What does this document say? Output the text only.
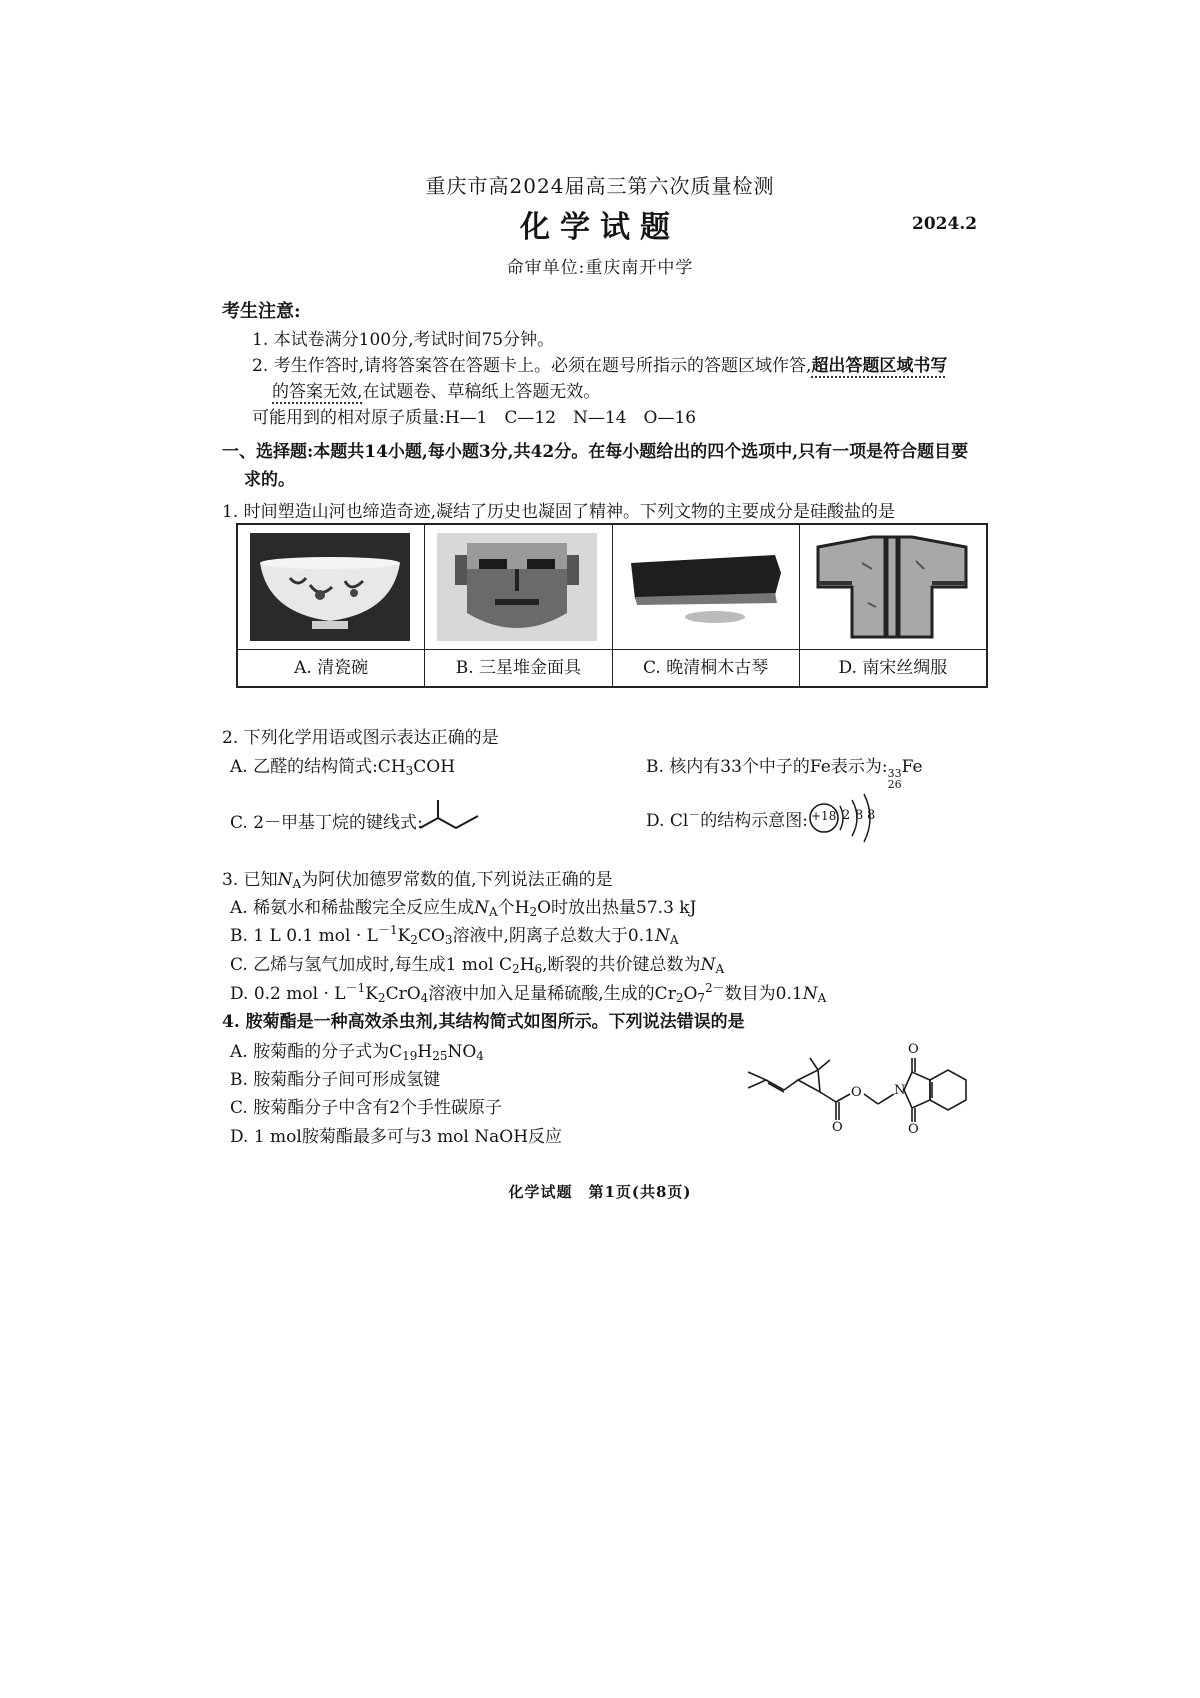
重庆市高2024届高三第六次质量检测
化学试题	2024.2
命审单位:重庆南开中学
考生注意:
1. 本试卷满分100分,考试时间75分钟。
2. 考生作答时,请将答案答在答题卡上。必须在题号所指示的答题区域作答,超出答题区域书写
的答案无效,在试题卷、草稿纸上答题无效。
可能用到的相对原子质量:H—1　C—12　N—14　O—16
一、选择题:本题共14小题,每小题3分,共42分。在每小题给出的四个选项中,只有一项是符合题目要
求的。
1. 时间塑造山河也缔造奇迹,凝结了历史也凝固了精神。下列文物的主要成分是硅酸盐的是
A. 清瓷碗	B. 三星堆金面具	C. 晚清桐木古琴	D. 南宋丝绸服
2. 下列化学用语或图示表达正确的是
A. 乙醛的结构简式$:CH_3COH$	B. 核内有33个中子的Fe表示为: 33
26
Fe
C. 2－甲基丁烷的键线式:	D. Cl－的结构示意图: +18 2 8 8
3. 已知$N_A$为阿伏加德罗常数的值,下列说法正确的是
A. 稀氨水和稀盐酸完全反应生成$N_A$个$H_2O$时放出热量57.3 kJ
B. 1 L 0.1 mol · $L^{-1}K_2CO_3$溶液中,阴离子总数大于$0.1N_A$
C. 乙烯与氢气加成时,每生成1 mol $C_2H_6$,断裂的共价键总数为$N_A$
D. 0.2 mol · $L^{-1}K_2CrO_4$溶液中加入足量稀硫酸,生成的$Cr_2O_7^{2-}$数目为$0.1N_A$
4. 胺菊酯是一种高效杀虫剂,其结构简式如图所示。下列说法错误的是
A. 胺菊酯的分子式为$C_{19}H_{25}NO_4$
B. 胺菊酯分子间可形成氢键
C. 胺菊酯分子中含有2个手性碳原子
D. 1 mol胺菊酯最多可与3 mol NaOH反应	O
O N
O
O
化学试题　第1页(共8页)
